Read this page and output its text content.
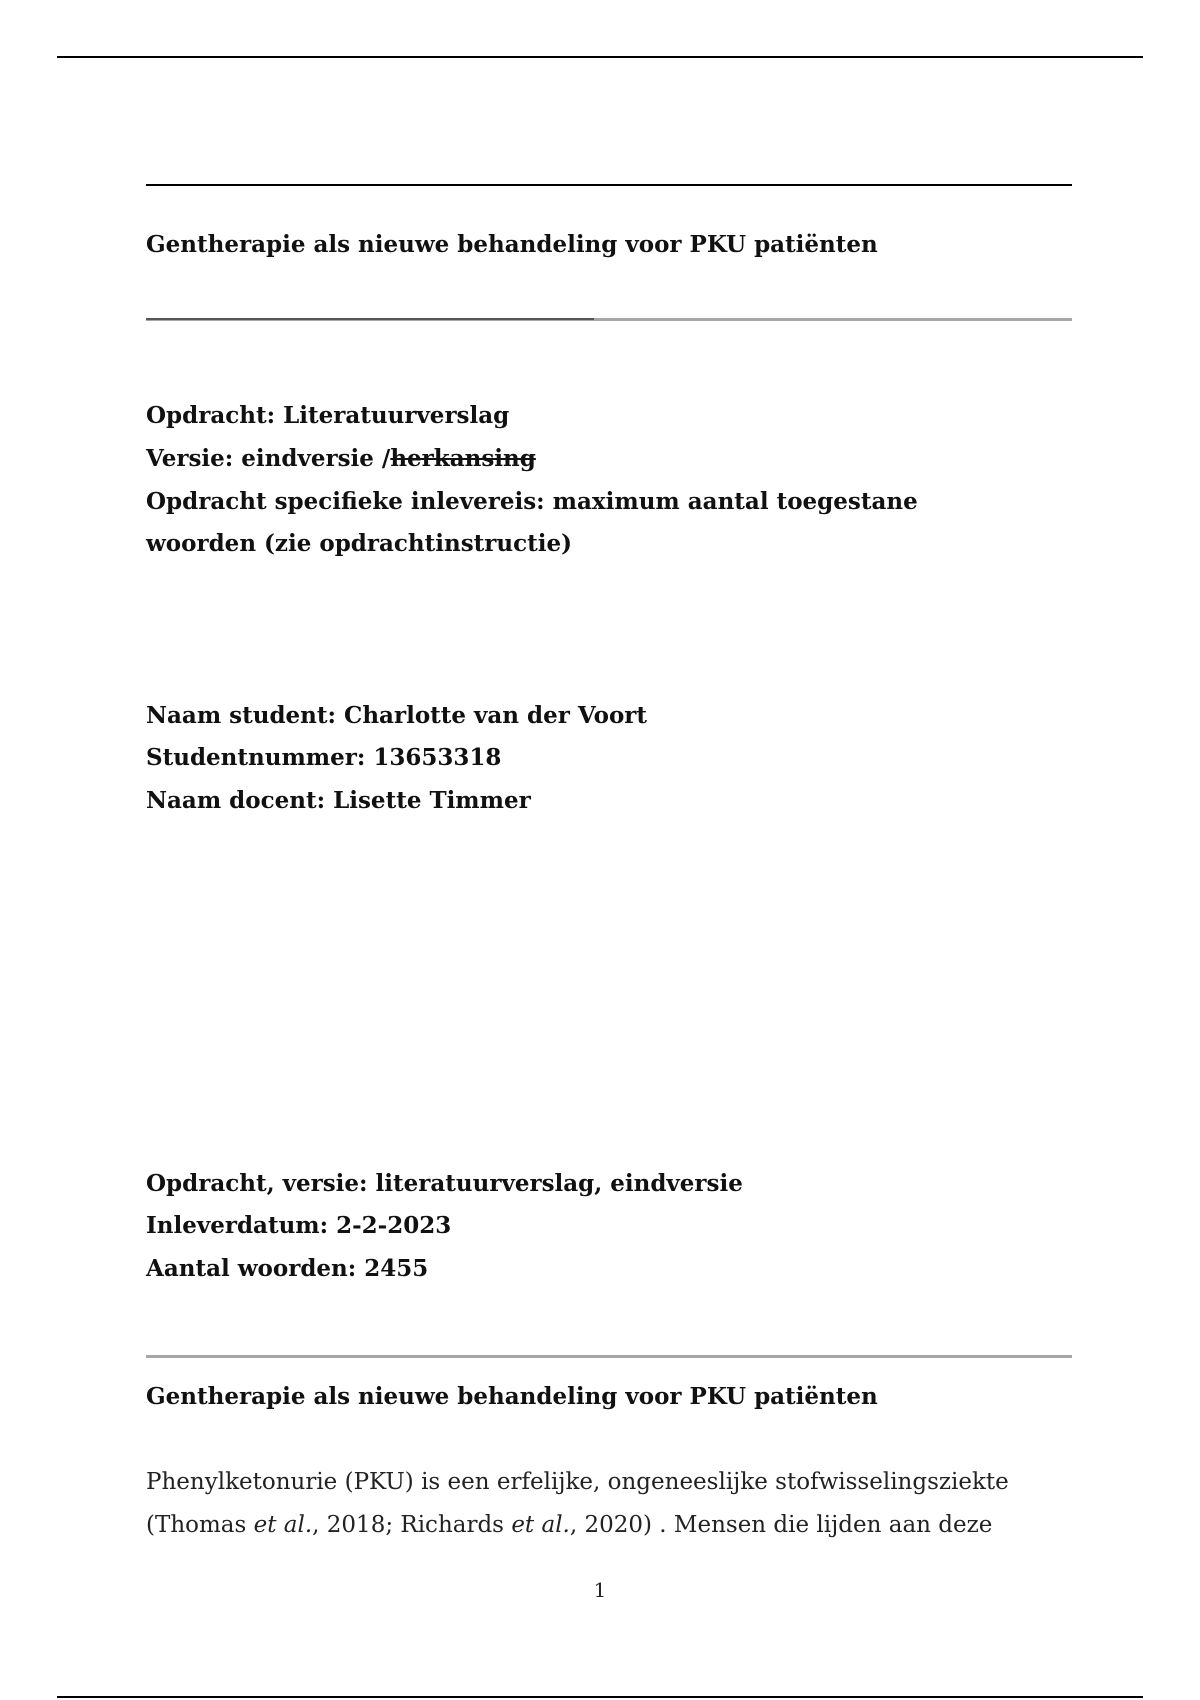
Gentherapie als nieuwe behandeling voor PKU patiënten
Opdracht: Literatuurverslag
Versie: eindversie /herkansing
Opdracht specifieke inlevereis: maximum aantal toegestane
woorden (zie opdrachtinstructie)
Naam student: Charlotte van der Voort
Studentnummer: 13653318
Naam docent: Lisette Timmer
Opdracht, versie: literatuurverslag, eindversie
Inleverdatum: 2-2-2023
Aantal woorden: 2455
Gentherapie als nieuwe behandeling voor PKU patiënten
Phenylketonurie (PKU) is een erfelijke, ongeneeslijke stofwisselingsziekte
(Thomas et al., 2018; Richards et al., 2020) . Mensen die lijden aan deze
1
